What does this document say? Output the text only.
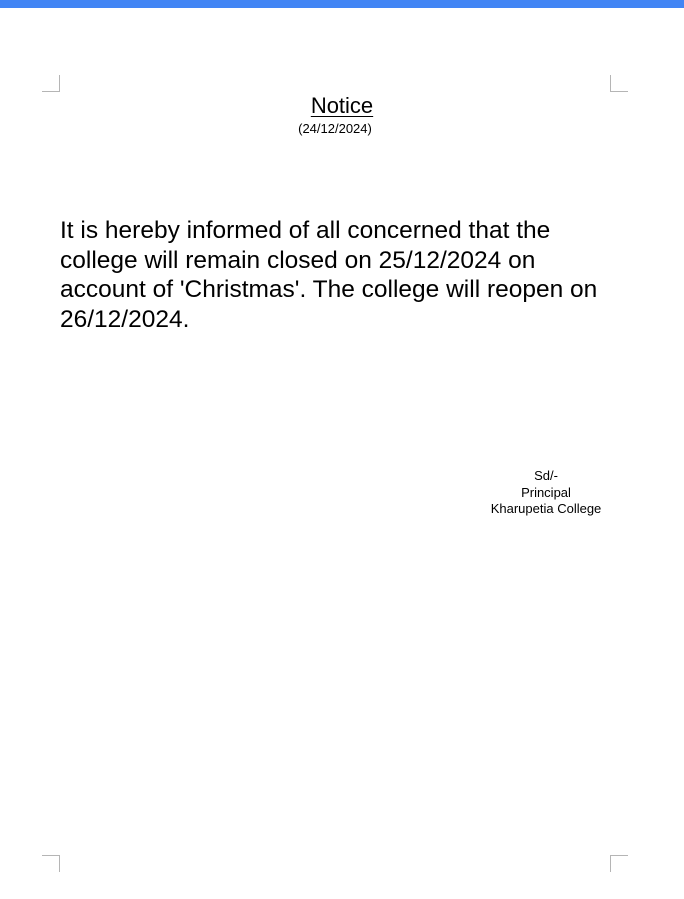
Notice
(24/12/2024)
It is hereby informed of all concerned that the college will remain closed on 25/12/2024 on account of 'Christmas'. The college will reopen on 26/12/2024.
Sd/-
Principal
Kharupetia College
